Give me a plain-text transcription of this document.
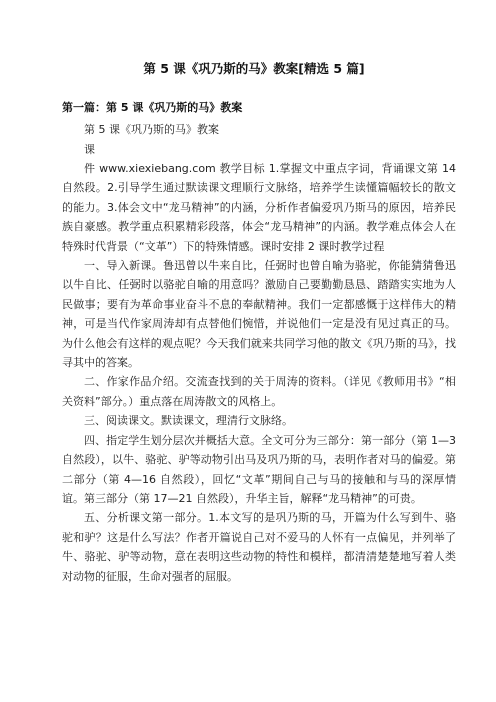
第 5 课《巩乃斯的马》教案[精选 5 篇]
第一篇：第 5 课《巩乃斯的马》教案

第 5 课《巩乃斯的马》教案

课

件 www.xiexiebang.com 教学目标 1.掌握文中重点字词，背诵课文第 14 自然段。2.引导学生通过默读课文理顺行文脉络，培养学生读懂篇幅较长的散文的能力。3.体会文中“龙马精神”的内涵，分析作者偏爱巩乃斯马的原因，培养民族自豪感。教学重点积累精彩段落，体会“龙马精神”的内涵。教学难点体会人在特殊时代背景（“文革”）下的特殊情感。课时安排 2 课时教学过程

一、导入新课。鲁迅曾以牛来自比，任弼时也曾自喻为骆驼，你能猜猜鲁迅以牛自比、任弼时以骆驼自喻的用意吗？激励自己要勤勤恳恳、踏踏实实地为人民做事；要有为革命事业奋斗不息的奉献精神。我们一定都感慨于这样伟大的精神，可是当代作家周涛却有点替他们惋惜，并说他们一定是没有见过真正的马。为什么他会有这样的观点呢？今天我们就来共同学习他的散文《巩乃斯的马》，找寻其中的答案。

二、作家作品介绍。交流查找到的关于周涛的资料。（详见《教师用书》“相关资料”部分。）重点落在周涛散文的风格上。

三、阅读课文。默读课文，理清行文脉络。

四、指定学生划分层次并概括大意。全文可分为三部分：第一部分（第 1—3 自然段），以牛、骆驼、驴等动物引出马及巩乃斯的马，表明作者对马的偏爱。第二部分（第 4—16 自然段），回忆“文革”期间自己与马的接触和与马的深厚情谊。第三部分（第 17—21 自然段），升华主旨，解释“龙马精神”的可贵。

五、分析课文第一部分。1.本文写的是巩乃斯的马，开篇为什么写到牛、骆驼和驴？这是什么写法？作者开篇说自己对不爱马的人怀有一点偏见，并列举了牛、骆驼、驴等动物，意在表明这些动物的特性和模样，都清清楚楚地写着人类对动物的征服，生命对强者的屈服。
